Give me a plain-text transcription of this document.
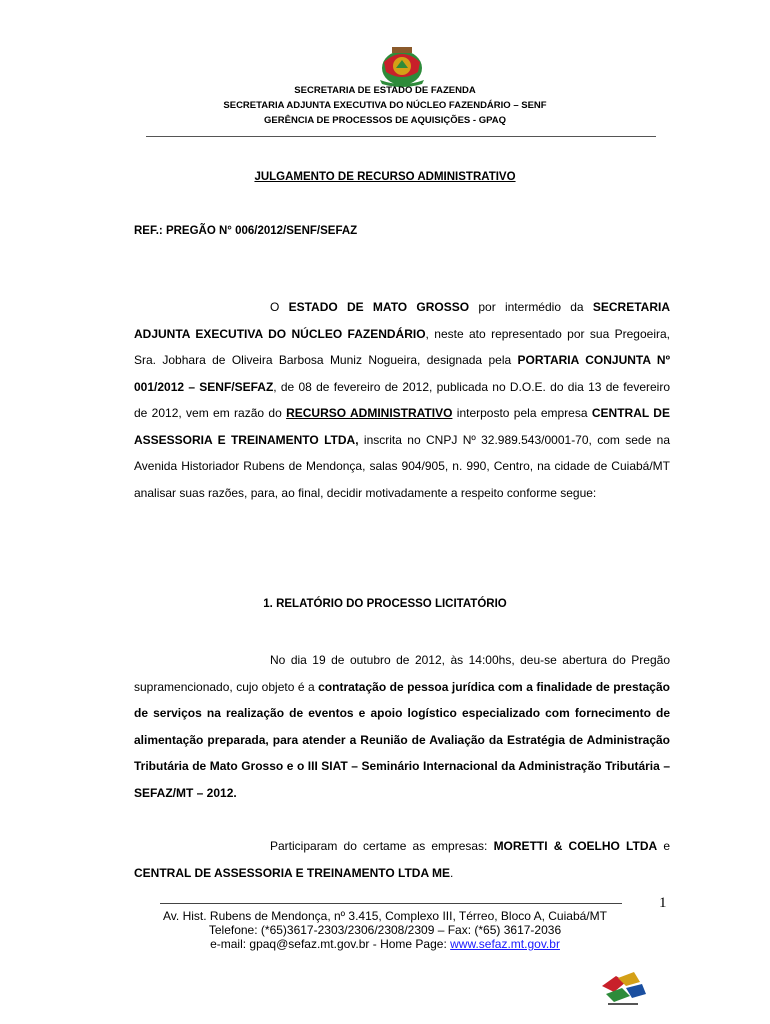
SECRETARIA DE ESTADO DE FAZENDA
SECRETARIA ADJUNTA EXECUTIVA DO NÚCLEO FAZENDÁRIO – SENF
GERÊNCIA DE PROCESSOS DE AQUISIÇÕES - GPAQ
JULGAMENTO DE RECURSO ADMINISTRATIVO
REF.: PREGÃO N° 006/2012/SENF/SEFAZ
O ESTADO DE MATO GROSSO por intermédio da SECRETARIA ADJUNTA EXECUTIVA DO NÚCLEO FAZENDÁRIO, neste ato representado por sua Pregoeira, Sra. Jobhara de Oliveira Barbosa Muniz Nogueira, designada pela PORTARIA CONJUNTA Nº 001/2012 – SENF/SEFAZ, de 08 de fevereiro de 2012, publicada no D.O.E. do dia 13 de fevereiro de 2012, vem em razão do RECURSO ADMINISTRATIVO interposto pela empresa CENTRAL DE ASSESSORIA E TREINAMENTO LTDA, inscrita no CNPJ Nº 32.989.543/0001-70, com sede na Avenida Historiador Rubens de Mendonça, salas 904/905, n. 990, Centro, na cidade de Cuiabá/MT analisar suas razões, para, ao final, decidir motivadamente a respeito conforme segue:
1. RELATÓRIO DO PROCESSO LICITATÓRIO
No dia 19 de outubro de 2012, às 14:00hs, deu-se abertura do Pregão supramencionado, cujo objeto é a contratação de pessoa jurídica com a finalidade de prestação de serviços na realização de eventos e apoio logístico especializado com fornecimento de alimentação preparada, para atender a Reunião de Avaliação da Estratégia de Administração Tributária de Mato Grosso e o III SIAT – Seminário Internacional da Administração Tributária – SEFAZ/MT – 2012.
Participaram do certame as empresas: MORETTI & COELHO LTDA e CENTRAL DE ASSESSORIA E TREINAMENTO LTDA ME.
1
Av. Hist. Rubens de Mendonça, nº 3.415, Complexo III, Térreo, Bloco A, Cuiabá/MT
Telefone: (*65)3617-2303/2306/2308/2309 – Fax: (*65) 3617-2036
e-mail: gpaq@sefaz.mt.gov.br - Home Page: www.sefaz.mt.gov.br
